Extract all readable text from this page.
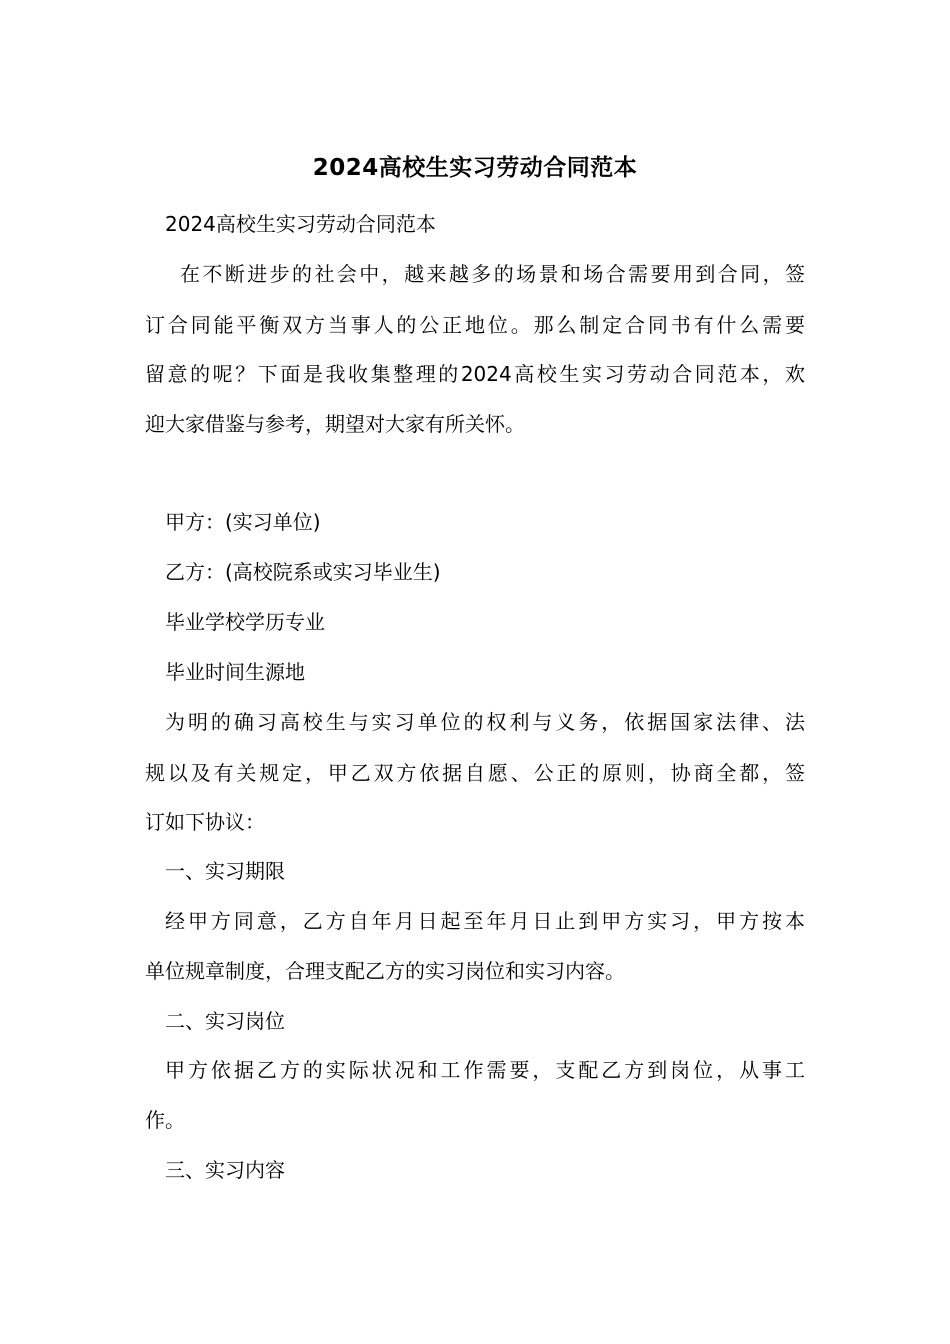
2024高校生实习劳动合同范本
2024高校生实习劳动合同范本
在不断进步的社会中，越来越多的场景和场合需要用到合同，签
订合同能平衡双方当事人的公正地位。那么制定合同书有什么需要
留意的呢？下面是我收集整理的2024高校生实习劳动合同范本，欢
迎大家借鉴与参考，期望对大家有所关怀。
甲方：(实习单位)
乙方：(高校院系或实习毕业生)
毕业学校学历专业
毕业时间生源地
为明的确习高校生与实习单位的权利与义务，依据国家法律、法
规以及有关规定，甲乙双方依据自愿、公正的原则，协商全都，签
订如下协议：
一、实习期限
经甲方同意，乙方自年月日起至年月日止到甲方实习，甲方按本
单位规章制度，合理支配乙方的实习岗位和实习内容。
二、实习岗位
甲方依据乙方的实际状况和工作需要，支配乙方到岗位，从事工
作。
三、实习内容
